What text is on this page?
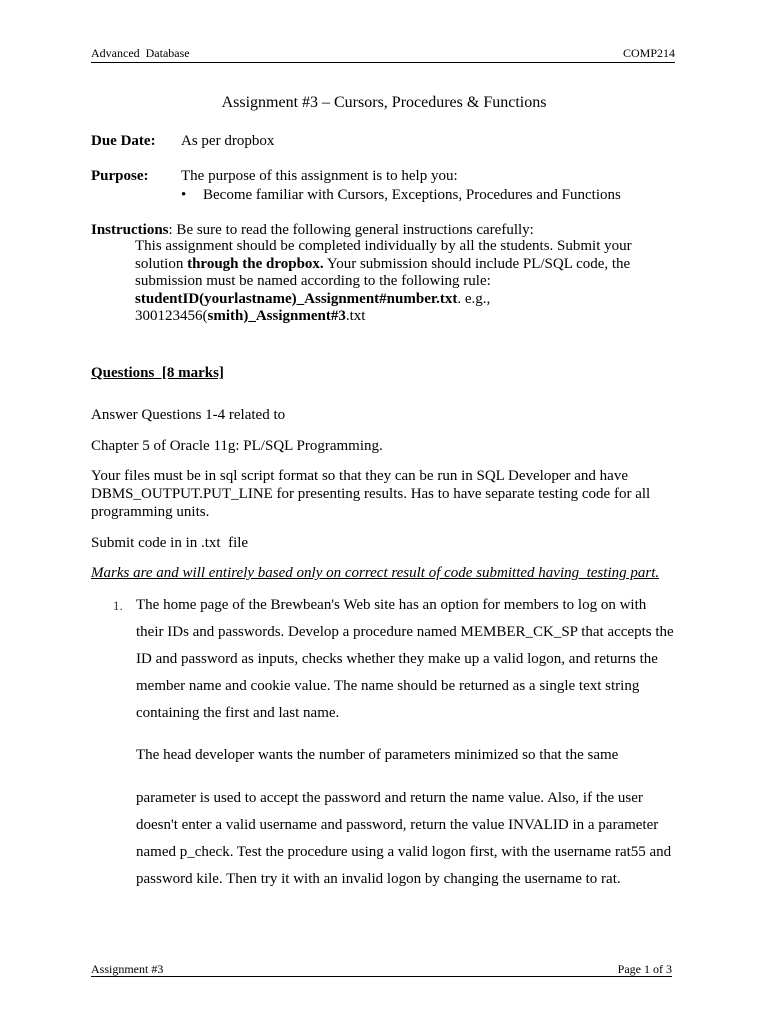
Advanced  Database	COMP214
Assignment #3 – Cursors, Procedures & Functions
Due Date: As per dropbox
Purpose: The purpose of this assignment is to help you:
• Become familiar with Cursors, Exceptions, Procedures and Functions
Instructions: Be sure to read the following general instructions carefully:
This assignment should be completed individually by all the students. Submit your solution through the dropbox. Your submission should include PL/SQL code, the submission must be named according to the following rule: studentID(yourlastname)_Assignment#number.txt. e.g., 300123456(smith)_Assignment#3.txt
Questions  [8 marks]
Answer Questions 1-4 related to
Chapter 5 of Oracle 11g: PL/SQL Programming.
Your files must be in sql script format so that they can be run in SQL Developer and have DBMS_OUTPUT.PUT_LINE for presenting results. Has to have separate testing code for all programming units.
Submit code in in .txt  file
Marks are and will entirely based only on correct result of code submitted having  testing part.
1. The home page of the Brewbean's Web site has an option for members to log on with their IDs and passwords. Develop a procedure named MEMBER_CK_SP that accepts the ID and password as inputs, checks whether they make up a valid logon, and returns the member name and cookie value. The name should be returned as a single text string containing the first and last name.
The head developer wants the number of parameters minimized so that the same
parameter is used to accept the password and return the name value. Also, if the user doesn't enter a valid username and password, return the value INVALID in a parameter named p_check. Test the procedure using a valid logon first, with the username rat55 and password kile. Then try it with an invalid logon by changing the username to rat.
Assignment #3	Page 1 of 3
